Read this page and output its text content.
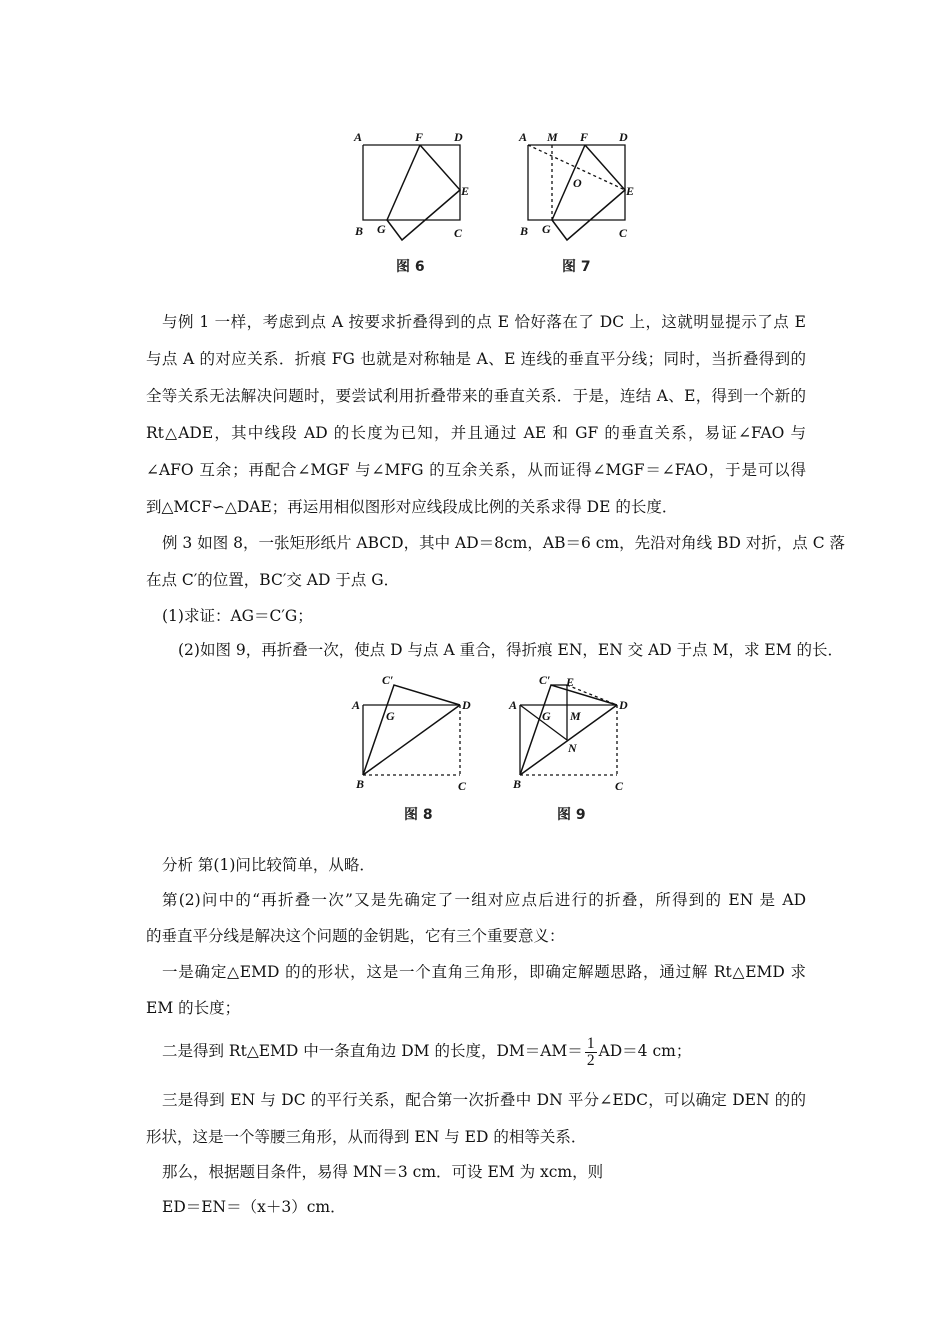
A	F	D
E
B G	C
图 6
A M F	D
O
E
B G	C
图 7
与例 1 一样，考虑到点 A 按要求折叠得到的点 E 恰好落在了 DC 上，这就明显提示了点 E
与点 A 的对应关系．折痕 FG 也就是对称轴是 A、E 连线的垂直平分线；同时，当折叠得到的
全等关系无法解决问题时，要尝试利用折叠带来的垂直关系．于是，连结 A、E，得到一个新的
Rt△ADE，其中线段 AD 的长度为已知，并且通过 AE 和 GF 的垂直关系，易证∠FAO 与
∠AFO 互余；再配合∠MGF 与∠MFG 的互余关系，从而证得∠MGF＝∠FAO，于是可以得
到△MCF∽△DAE；再运用相似图形对应线段成比例的关系求得 DE 的长度．
例 3 如图 8，一张矩形纸片 ABCD，其中 AD＝8cm，AB＝6 cm，先沿对角线 BD 对折，点 C 落
在点 C′的位置，BC′交 AD 于点 G．
(1)求证：AG＝C′G；
(2)如图 9，再折叠一次，使点 D 与点 A 重合，得折痕 EN，EN 交 AD 于点 M，求 EM 的长．
C′
A
G
D
B	C
图 8
C′ E
A
G M
D
N
B	C
图 9
分析 第(1)问比较简单，从略．
第(2)问中的“再折叠一次”又是先确定了一组对应点后进行的折叠，所得到的 EN 是 AD
的垂直平分线是解决这个问题的金钥匙，它有三个重要意义：
一是确定△EMD 的的形状，这是一个直角三角形，即确定解题思路，通过解 Rt△EMD 求
EM 的长度；
二是得到 Rt△EMD 中一条直角边 DM 的长度，$DM=AM= \frac{1}{2} AD=4$ cm；
三是得到 EN 与 DC 的平行关系，配合第一次折叠中 DN 平分∠EDC，可以确定 DEN 的的
形状，这是一个等腰三角形，从而得到 EN 与 ED 的相等关系．
那么，根据题目条件，易得 MN＝3 cm．可设 EM 为 xcm，则
ED＝EN＝（x＋3）cm．
